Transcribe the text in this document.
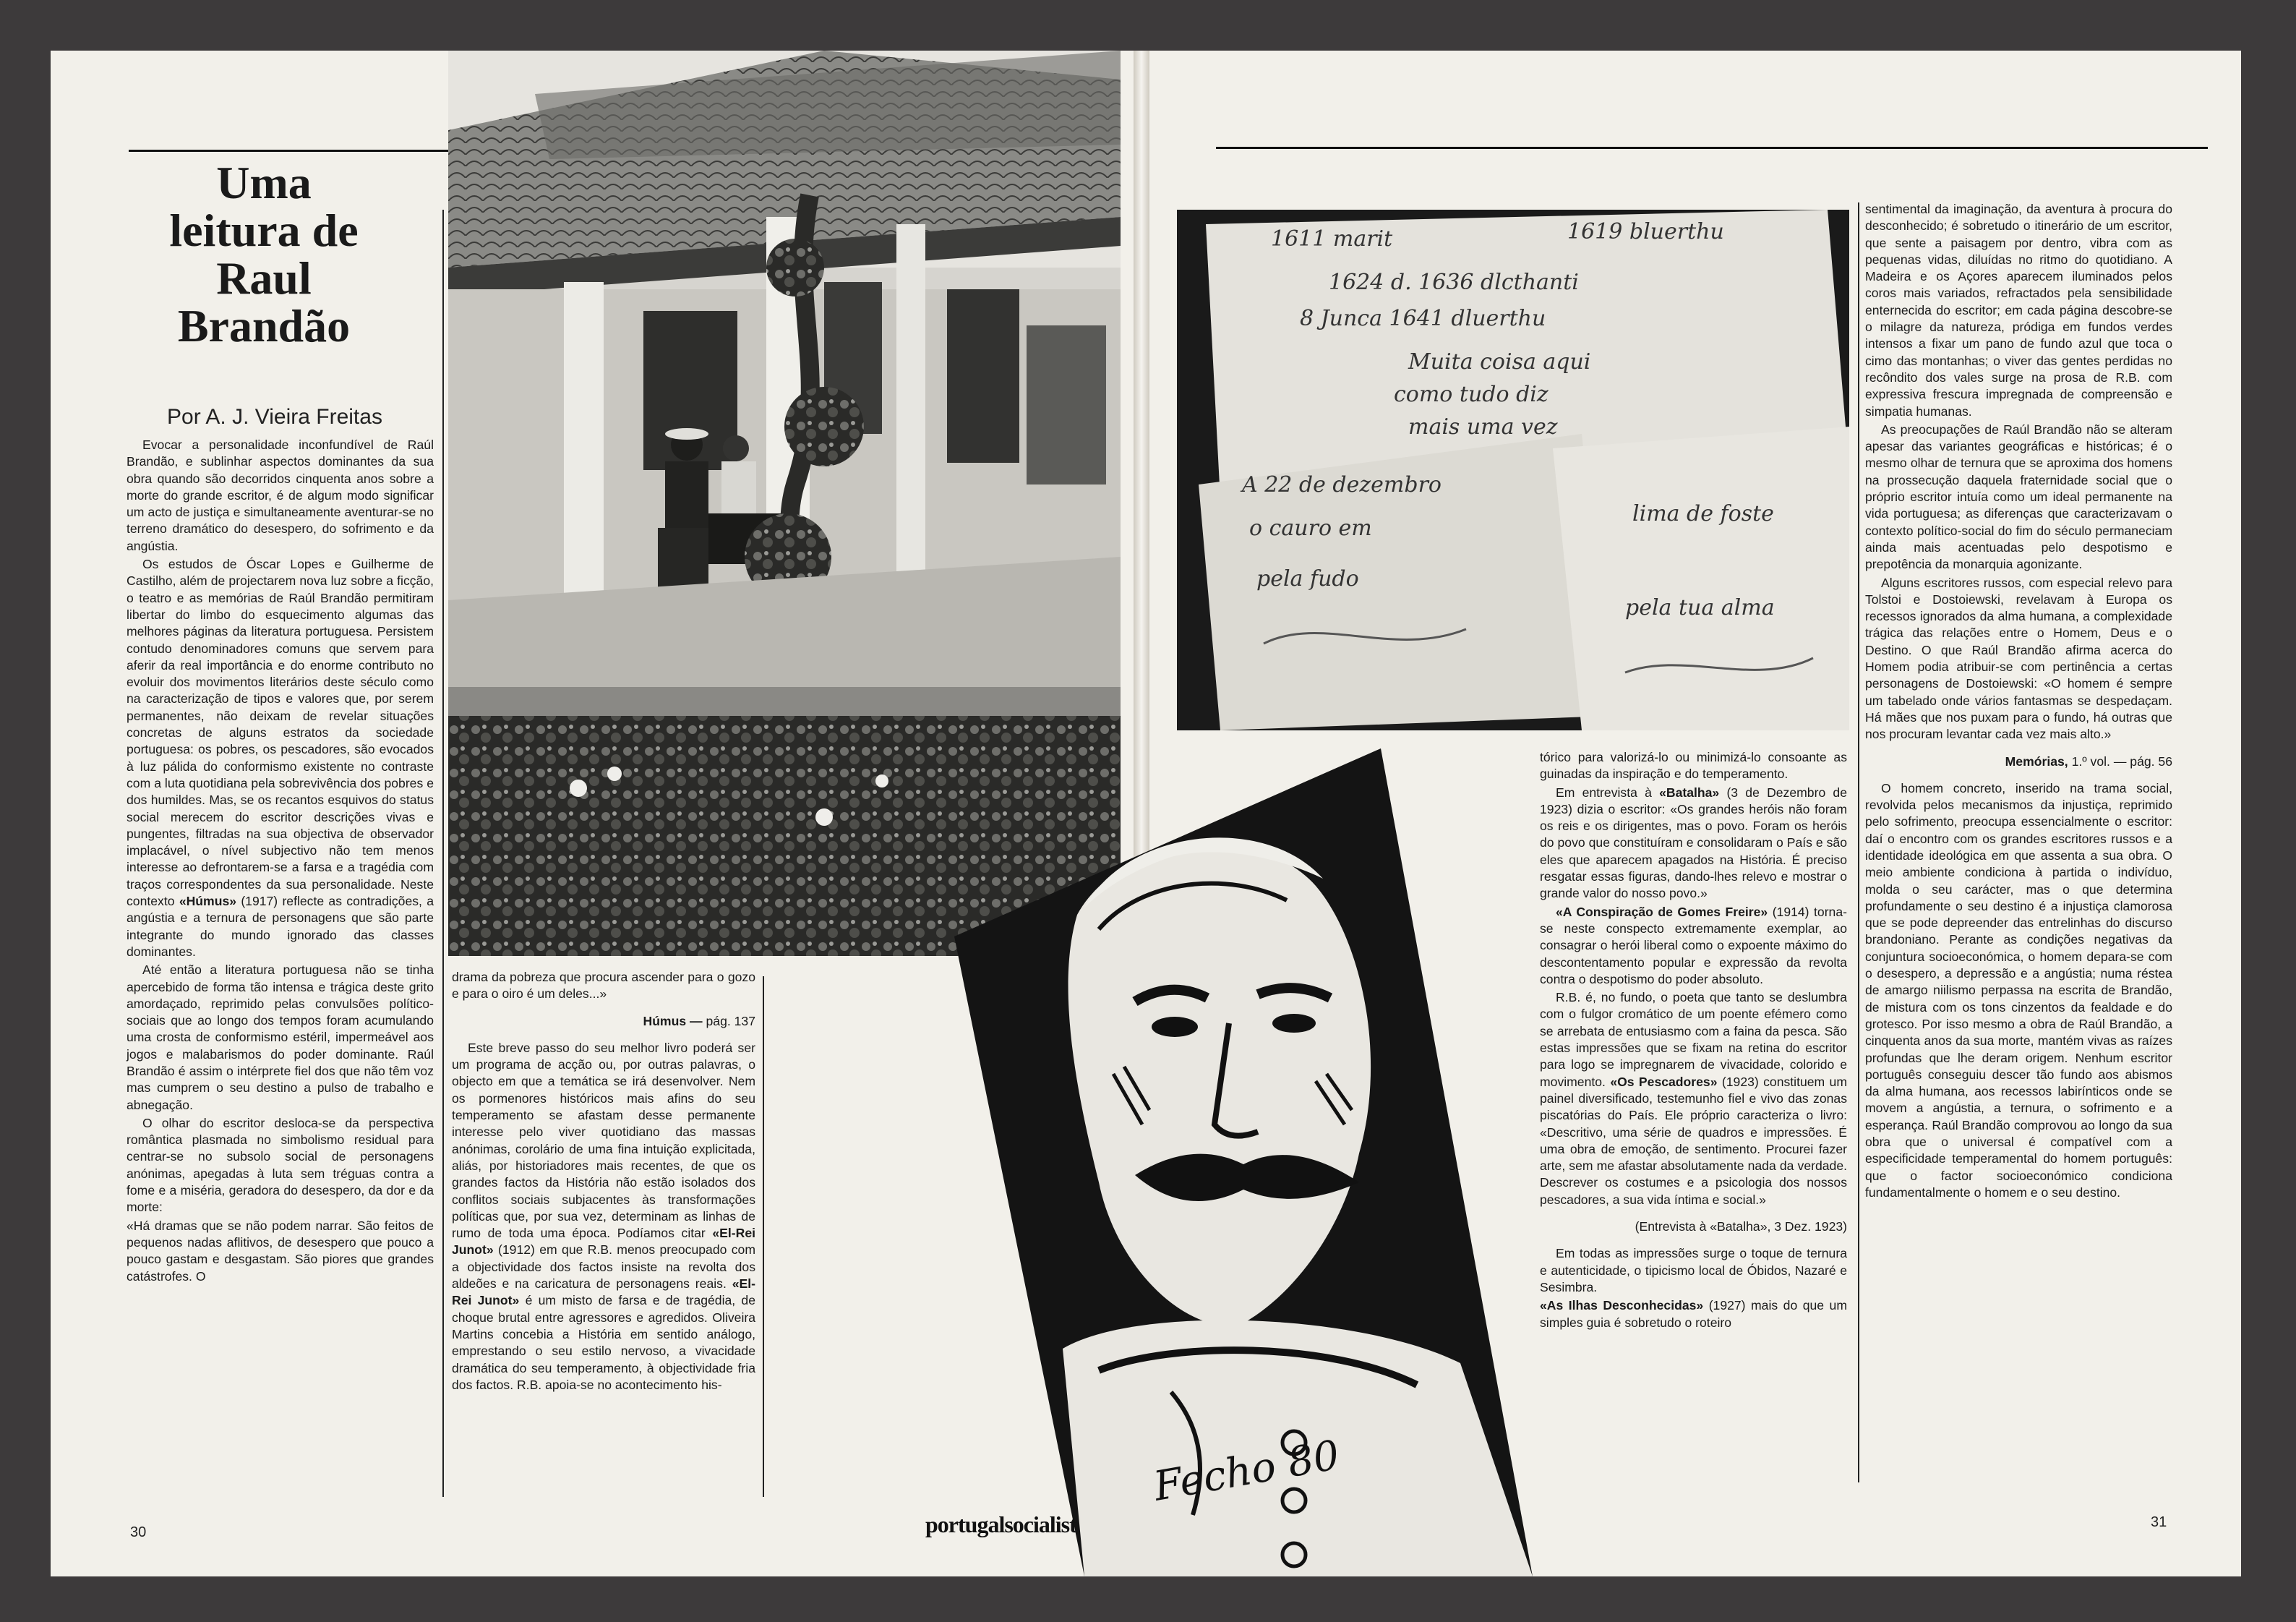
Uma
leitura de
Raul
Brandão
Por A. J. Vieira Freitas

Evocar a personalidade inconfundível de Raúl Brandão, e sublinhar aspectos dominantes da sua obra quando são decorridos cinquenta anos sobre a morte do grande escritor, é de algum modo significar um acto de justiça e simultaneamente aventurar-se no terreno dramático do desespero, do sofrimento e da angústia.

Os estudos de Óscar Lopes e Guilherme de Castilho, além de projectarem nova luz sobre a ficção, o teatro e as memórias de Raúl Brandão permitiram libertar do limbo do esquecimento algumas das melhores páginas da literatura portuguesa. Persistem contudo denominadores comuns que servem para aferir da real importância e do enorme contributo no evoluir dos movimentos literários deste século como na caracterização de tipos e valores que, por serem permanentes, não deixam de revelar situações concretas de alguns estratos da sociedade portuguesa: os pobres, os pescadores, são evocados à luz pálida do conformismo existente no contraste com a luta quotidiana pela sobrevivência dos pobres e dos humildes. Mas, se os recantos esquivos do status social merecem do escritor descrições vivas e pungentes, filtradas na sua objectiva de observador implacável, o nível subjectivo não tem menos interesse ao defrontarem-se a farsa e a tragédia com traços correspondentes da sua personalidade. Neste contexto «Húmus» (1917) reflecte as contradições, a angústia e a ternura de personagens que são parte integrante do mundo ignorado das classes dominantes.

Até então a literatura portuguesa não se tinha apercebido de forma tão intensa e trágica deste grito amordaçado, reprimido pelas convulsões político-sociais que ao longo dos tempos foram acumulando uma crosta de conformismo estéril, impermeável aos jogos e malabarismos do poder dominante. Raúl Brandão é assim o intérprete fiel dos que não têm voz mas cumprem o seu destino a pulso de trabalho e abnegação.

O olhar do escritor desloca-se da perspectiva romântica plasmada no simbolismo residual para centrar-se no subsolo social de personagens anónimas, apegadas à luta sem tréguas contra a fome e a miséria, geradora do desespero, da dor e da morte:

«Há dramas que se não podem narrar. São feitos de pequenos nadas aflitivos, de desespero que pouco a pouco gastam e desgastam. São piores que grandes catástrofes. O

drama da pobreza que procura ascender para o gozo e para o oiro é um deles...»

Húmus — pág. 137

Este breve passo do seu melhor livro poderá ser um programa de acção ou, por outras palavras, o objecto em que a temática se irá desenvolver. Nem os pormenores históricos mais afins do seu temperamento se afastam desse permanente interesse pelo viver quotidiano das massas anónimas, corolário de uma fina intuição explicitada, aliás, por historiadores mais recentes, de que os grandes factos da História não estão isolados dos conflitos sociais subjacentes às transformações políticas que, por sua vez, determinam as linhas de rumo de toda uma época. Podíamos citar «El-Rei Junot» (1912) em que R.B. menos preocupado com a objectividade dos factos insiste na revolta dos aldeões e na caricatura de personagens reais. «El-Rei Junot» é um misto de farsa e de tragédia, de choque brutal entre agressores e agredidos. Oliveira Martins concebia a História em sentido análogo, emprestando o seu estilo nervoso, a vivacidade dramática do seu temperamento, à objectividade fria dos factos. R.B. apoia-se no acontecimento his-

30
Fecho 80
portugalsocialist
1611 marit	1619 bluerthu
1624 d. 1636 dlcthanti
8 Junca 1641 dluerthu
Muita coisa aqui
como tudo diz
mais uma vez
A 22 de dezembro
o cauro em
lima de foste
pela fudo
pela tua alma

tórico para valorizá-lo ou minimizá-lo consoante as guinadas da inspiração e do temperamento.

Em entrevista à «Batalha» (3 de Dezembro de 1923) dizia o escritor: «Os grandes heróis não foram os reis e os dirigentes, mas o povo. Foram os heróis do povo que constituíram e consolidaram o País e são eles que aparecem apagados na História. É preciso resgatar essas figuras, dando-lhes relevo e mostrar o grande valor do nosso povo.»

«A Conspiração de Gomes Freire» (1914) torna-se neste conspecto extremamente exemplar, ao consagrar o herói liberal como o expoente máximo do descontentamento popular e expressão da revolta contra o despotismo do poder absoluto.

R.B. é, no fundo, o poeta que tanto se deslumbra com o fulgor cromático de um poente efémero como se arrebata de entusiasmo com a faina da pesca. São estas impressões que se fixam na retina do escritor para logo se impregnarem de vivacidade, colorido e movimento. «Os Pescadores» (1923) constituem um painel diversificado, testemunho fiel e vivo das zonas piscatórias do País. Ele próprio caracteriza o livro: «Descritivo, uma série de quadros e impressões. É uma obra de emoção, de sentimento. Procurei fazer arte, sem me afastar absolutamente nada da verdade. Descrever os costumes e a psicologia dos nossos pescadores, a sua vida íntima e social.»

(Entrevista à «Batalha», 3 Dez. 1923)

Em todas as impressões surge o toque de ternura e autenticidade, o tipicismo local de Óbidos, Nazaré e Sesimbra.

«As Ilhas Desconhecidas» (1927) mais do que um simples guia é sobretudo o roteiro

sentimental da imaginação, da aventura à procura do desconhecido; é sobretudo o itinerário de um escritor, que sente a paisagem por dentro, vibra com as pequenas vidas, diluídas no ritmo do quotidiano. A Madeira e os Açores aparecem iluminados pelos coros mais variados, refractados pela sensibilidade enternecida do escritor; em cada página descobre-se o milagre da natureza, pródiga em fundos verdes intensos a fixar um pano de fundo azul que toca o cimo das montanhas; o viver das gentes perdidas no recôndito dos vales surge na prosa de R.B. com expressiva frescura impregnada de compreensão e simpatia humanas.

As preocupações de Raúl Brandão não se alteram apesar das variantes geográficas e históricas; é o mesmo olhar de ternura que se aproxima dos homens na prossecução daquela fraternidade social que o próprio escritor intuía como um ideal permanente na vida portuguesa; as diferenças que caracterizavam o contexto político-social do fim do século permaneciam ainda mais acentuadas pelo despotismo e prepotência da monarquia agonizante.

Alguns escritores russos, com especial relevo para Tolstoi e Dostoiewski, revelavam à Europa os recessos ignorados da alma humana, a complexidade trágica das relações entre o Homem, Deus e o Destino. O que Raúl Brandão afirma acerca do Homem podia atribuir-se com pertinência a certas personagens de Dostoiewski: «O homem é sempre um tabelado onde vários fantasmas se despedaçam. Há mães que nos puxam para o fundo, há outras que nos procuram levantar cada vez mais alto.»

Memórias, 1.º vol. — pág. 56

O homem concreto, inserido na trama social, revolvida pelos mecanismos da injustiça, reprimido pelo sofrimento, preocupa essencialmente o escritor: daí o encontro com os grandes escritores russos e a identidade ideológica em que assenta a sua obra. O meio ambiente condiciona à partida o indivíduo, molda o seu carácter, mas o que determina profundamente o seu destino é a injustiça clamorosa que se pode depreender das entrelinhas do discurso brandoniano. Perante as condições negativas da conjuntura socioeconómica, o homem depara-se com o desespero, a depressão e a angústia; numa réstea de amargo niilismo perpassa na escrita de Brandão, de mistura com os tons cinzentos da fealdade e do grotesco. Por isso mesmo a obra de Raúl Brandão, a cinquenta anos da sua morte, mantém vivas as raízes profundas que lhe deram origem. Nenhum escritor português conseguiu descer tão fundo aos abismos da alma humana, aos recessos labirínticos onde se movem a angústia, a ternura, o sofrimento e a esperança. Raúl Brandão comprovou ao longo da sua obra que o universal é compatível com a especificidade temperamental do homem português: que o factor socioeconómico condiciona fundamentalmente o homem e o seu destino.

31
